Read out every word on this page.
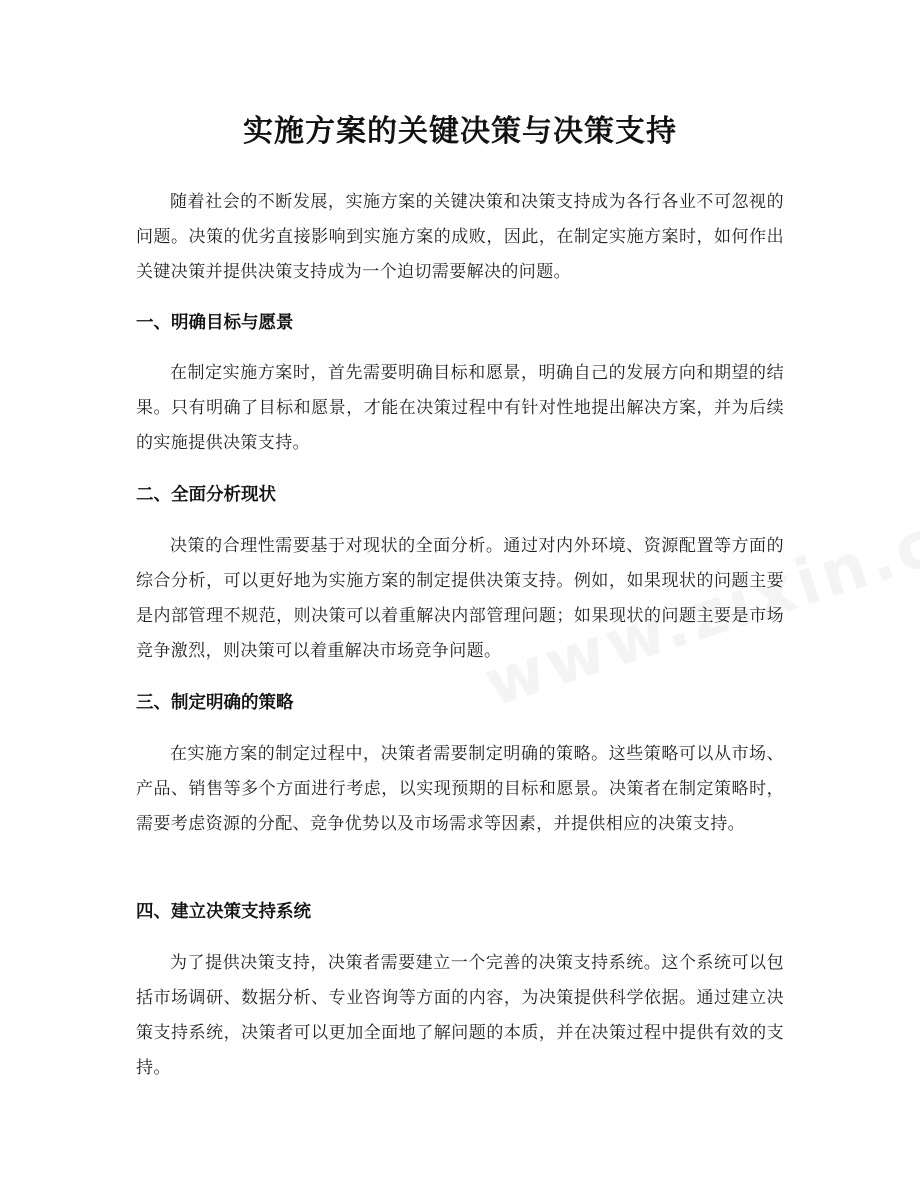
实施方案的关键决策与决策支持

随着社会的不断发展，实施方案的关键决策和决策支持成为各行各业不可忽视的问题。决策的优劣直接影响到实施方案的成败，因此，在制定实施方案时，如何作出关键决策并提供决策支持成为一个迫切需要解决的问题。

一、明确目标与愿景

在制定实施方案时，首先需要明确目标和愿景，明确自己的发展方向和期望的结果。只有明确了目标和愿景，才能在决策过程中有针对性地提出解决方案，并为后续的实施提供决策支持。

二、全面分析现状

决策的合理性需要基于对现状的全面分析。通过对内外环境、资源配置等方面的综合分析，可以更好地为实施方案的制定提供决策支持。例如，如果现状的问题主要是内部管理不规范，则决策可以着重解决内部管理问题；如果现状的问题主要是市场竞争激烈，则决策可以着重解决市场竞争问题。

三、制定明确的策略

在实施方案的制定过程中，决策者需要制定明确的策略。这些策略可以从市场、产品、销售等多个方面进行考虑，以实现预期的目标和愿景。决策者在制定策略时，需要考虑资源的分配、竞争优势以及市场需求等因素，并提供相应的决策支持。

四、建立决策支持系统

为了提供决策支持，决策者需要建立一个完善的决策支持系统。这个系统可以包括市场调研、数据分析、专业咨询等方面的内容，为决策提供科学依据。通过建立决策支持系统，决策者可以更加全面地了解问题的本质，并在决策过程中提供有效的支持。
